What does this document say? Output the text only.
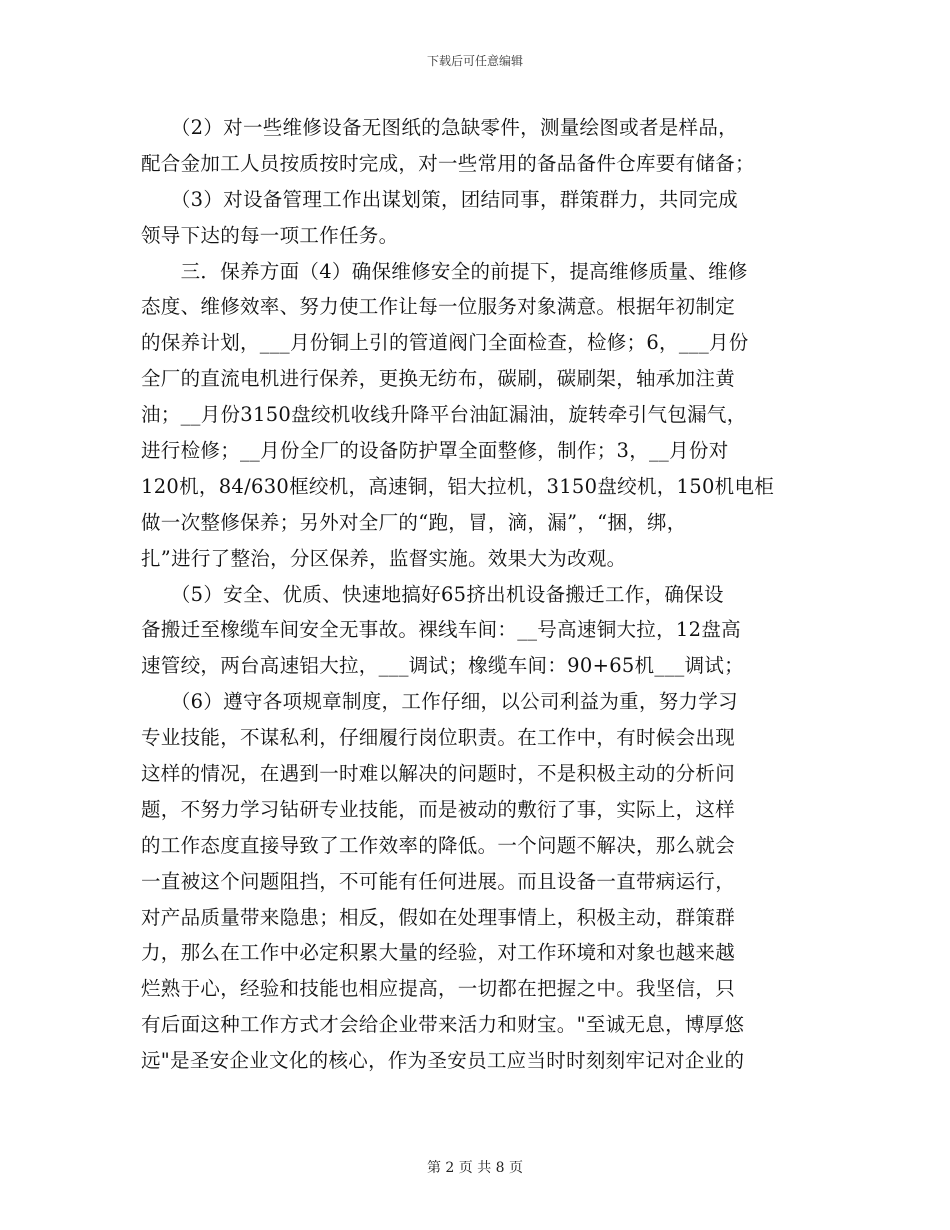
下载后可任意编辑
　　（2）对一些维修设备无图纸的急缺零件，测量绘图或者是样品，
配合金加工人员按质按时完成，对一些常用的备品备件仓库要有储备；
　　（3）对设备管理工作出谋划策，团结同事，群策群力，共同完成
领导下达的每一项工作任务。
　　三．保养方面（4）确保维修安全的前提下，提高维修质量、维修
态度、维修效率、努力使工作让每一位服务对象满意。根据年初制定
的保养计划，___月份铜上引的管道阀门全面检查，检修；6，___月份
全厂的直流电机进行保养，更换无纺布，碳刷，碳刷架，轴承加注黄
油；__月份3150盘绞机收线升降平台油缸漏油，旋转牵引气包漏气，
进行检修；__月份全厂的设备防护罩全面整修，制作；3，__月份对
120机，84/630框绞机，高速铜，铝大拉机，3150盘绞机，150机电柜
做一次整修保养；另外对全厂的“跑，冒，滴，漏”，“捆，绑，
扎”进行了整治，分区保养，监督实施。效果大为改观。
　　（5）安全、优质、快速地搞好65挤出机设备搬迁工作，确保设
备搬迁至橡缆车间安全无事故。裸线车间：__号高速铜大拉，12盘高
速管绞，两台高速铝大拉，___调试；橡缆车间：90+65机___调试；
　　（6）遵守各项规章制度，工作仔细，以公司利益为重，努力学习
专业技能，不谋私利，仔细履行岗位职责。在工作中，有时候会出现
这样的情况，在遇到一时难以解决的问题时，不是积极主动的分析问
题，不努力学习钻研专业技能，而是被动的敷衍了事，实际上，这样
的工作态度直接导致了工作效率的降低。一个问题不解决，那么就会
一直被这个问题阻挡，不可能有任何进展。而且设备一直带病运行，
对产品质量带来隐患；相反，假如在处理事情上，积极主动，群策群
力，那么在工作中必定积累大量的经验，对工作环境和对象也越来越
烂熟于心，经验和技能也相应提高，一切都在把握之中。我坚信，只
有后面这种工作方式才会给企业带来活力和财宝。"至诚无息，博厚悠
远"是圣安企业文化的核心，作为圣安员工应当时时刻刻牢记对企业的
第 2 页 共 8 页
